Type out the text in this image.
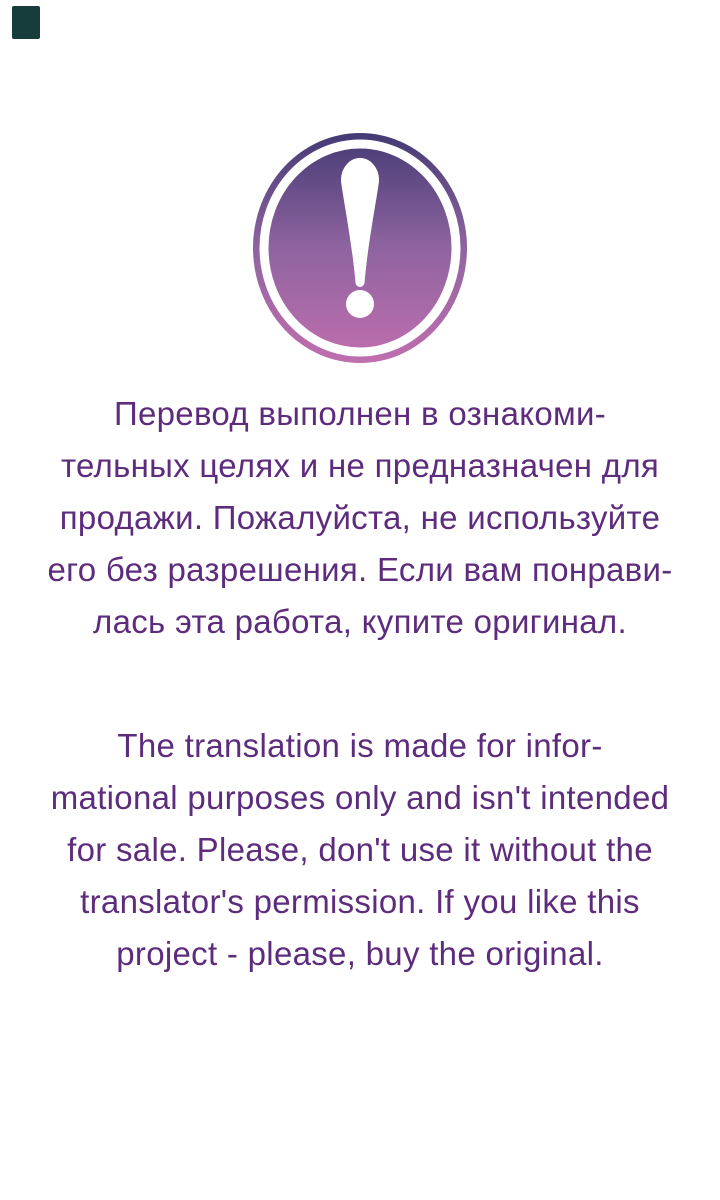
Перевод выполнен в ознакоми-
тельных целях и не предназначен для
продажи. Пожалуйста, не используйте
его без разрешения. Если вам понрави-
лась эта работа, купите оригинал.
The translation is made for infor-
mational purposes only and isn't intended
for sale. Please, don't use it without the
translator's permission. If you like this
project - please, buy the original.
